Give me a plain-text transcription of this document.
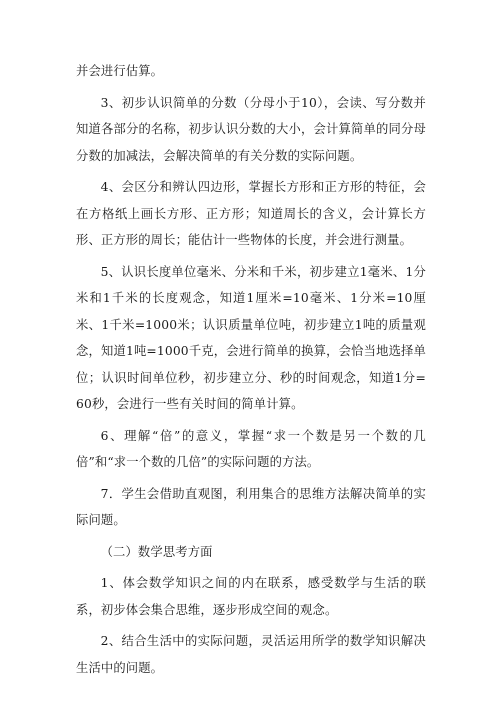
并会进行估算。

3、初步认识简单的分数（分母小于10），会读、写分数并知道各部分的名称，初步认识分数的大小，会计算简单的同分母分数的加减法，会解决简单的有关分数的实际问题。

4、会区分和辨认四边形，掌握长方形和正方形的特征，会在方格纸上画长方形、正方形；知道周长的含义，会计算长方形、正方形的周长；能估计一些物体的长度，并会进行测量。

5、认识长度单位毫米、分米和千米，初步建立1毫米、1分米和1千米的长度观念，知道1厘米=10毫米、1分米=10厘米、1千米=1000米；认识质量单位吨，初步建立1吨的质量观念，知道1吨=1000千克，会进行简单的换算，会恰当地选择单位；认识时间单位秒，初步建立分、秒的时间观念，知道1分=60秒，会进行一些有关时间的简单计算。

6、理解“倍”的意义，掌握“求一个数是另一个数的几倍”和“求一个数的几倍”的实际问题的方法。

7．学生会借助直观图，利用集合的思维方法解决简单的实际问题。

（二）数学思考方面

1、体会数学知识之间的内在联系，感受数学与生活的联系，初步体会集合思维，逐步形成空间的观念。

2、结合生活中的实际问题，灵活运用所学的数学知识解决生活中的问题。
